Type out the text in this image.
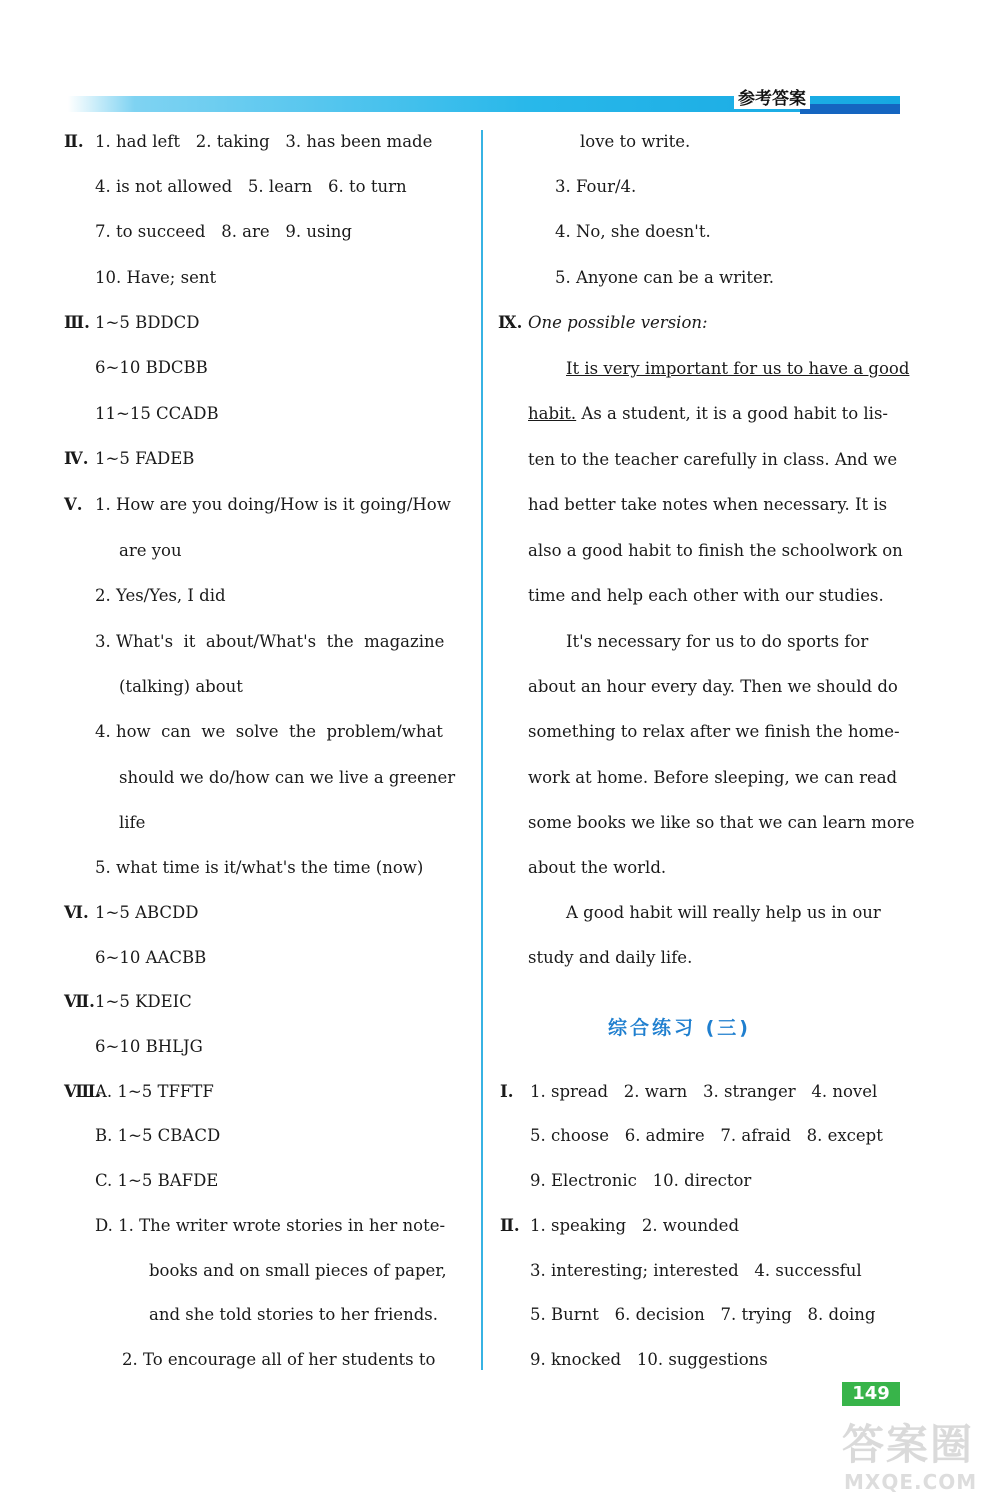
参考答案
Ⅱ. 1. had left   2. taking   3. has been made
4. is not allowed   5. learn   6. to turn
7. to succeed   8. are   9. using
10. Have; sent
Ⅲ. 1~5 BDDCD
6~10 BDCBB
11~15 CCADB
Ⅳ. 1~5 FADEB
Ⅴ. 1. How are you doing/How is it going/How
are you
2. Yes/Yes, I did
3. What's  it  about/What's  the  magazine
(talking) about
4. how  can  we  solve  the  problem/what
should we do/how can we live a greener
life
5. what time is it/what's the time (now)
Ⅵ. 1~5 ABCDD
6~10 AACBB
Ⅶ. 1~5 KDEIC
6~10 BHLJG
Ⅷ.
A. 1~5 TFFTF
B. 1~5 CBACD
C. 1~5 BAFDE
D. 1. The writer wrote stories in her note-
books and on small pieces of paper,
and she told stories to her friends.
2. To encourage all of her students to
love to write.
3. Four/4.
4. No, she doesn't.
5. Anyone can be a writer.
Ⅸ. One possible version:
It is very important for us to have a good
habit. As a student, it is a good habit to lis-
ten to the teacher carefully in class. And we
had better take notes when necessary. It is
also a good habit to finish the schoolwork on
time and help each other with our studies.
It's necessary for us to do sports for
about an hour every day. Then we should do
something to relax after we finish the home-
work at home. Before sleeping, we can read
some books we like so that we can learn more
about the world.
A good habit will really help us in our
study and daily life.
综合练习 (三)
Ⅰ. 1. spread   2. warn   3. stranger   4. novel
5. choose   6. admire   7. afraid   8. except
9. Electronic   10. director
Ⅱ. 1. speaking   2. wounded
3. interesting; interested   4. successful
5. Burnt   6. decision   7. trying   8. doing
9. knocked   10. suggestions
149
答案圈
MXQE.COM
